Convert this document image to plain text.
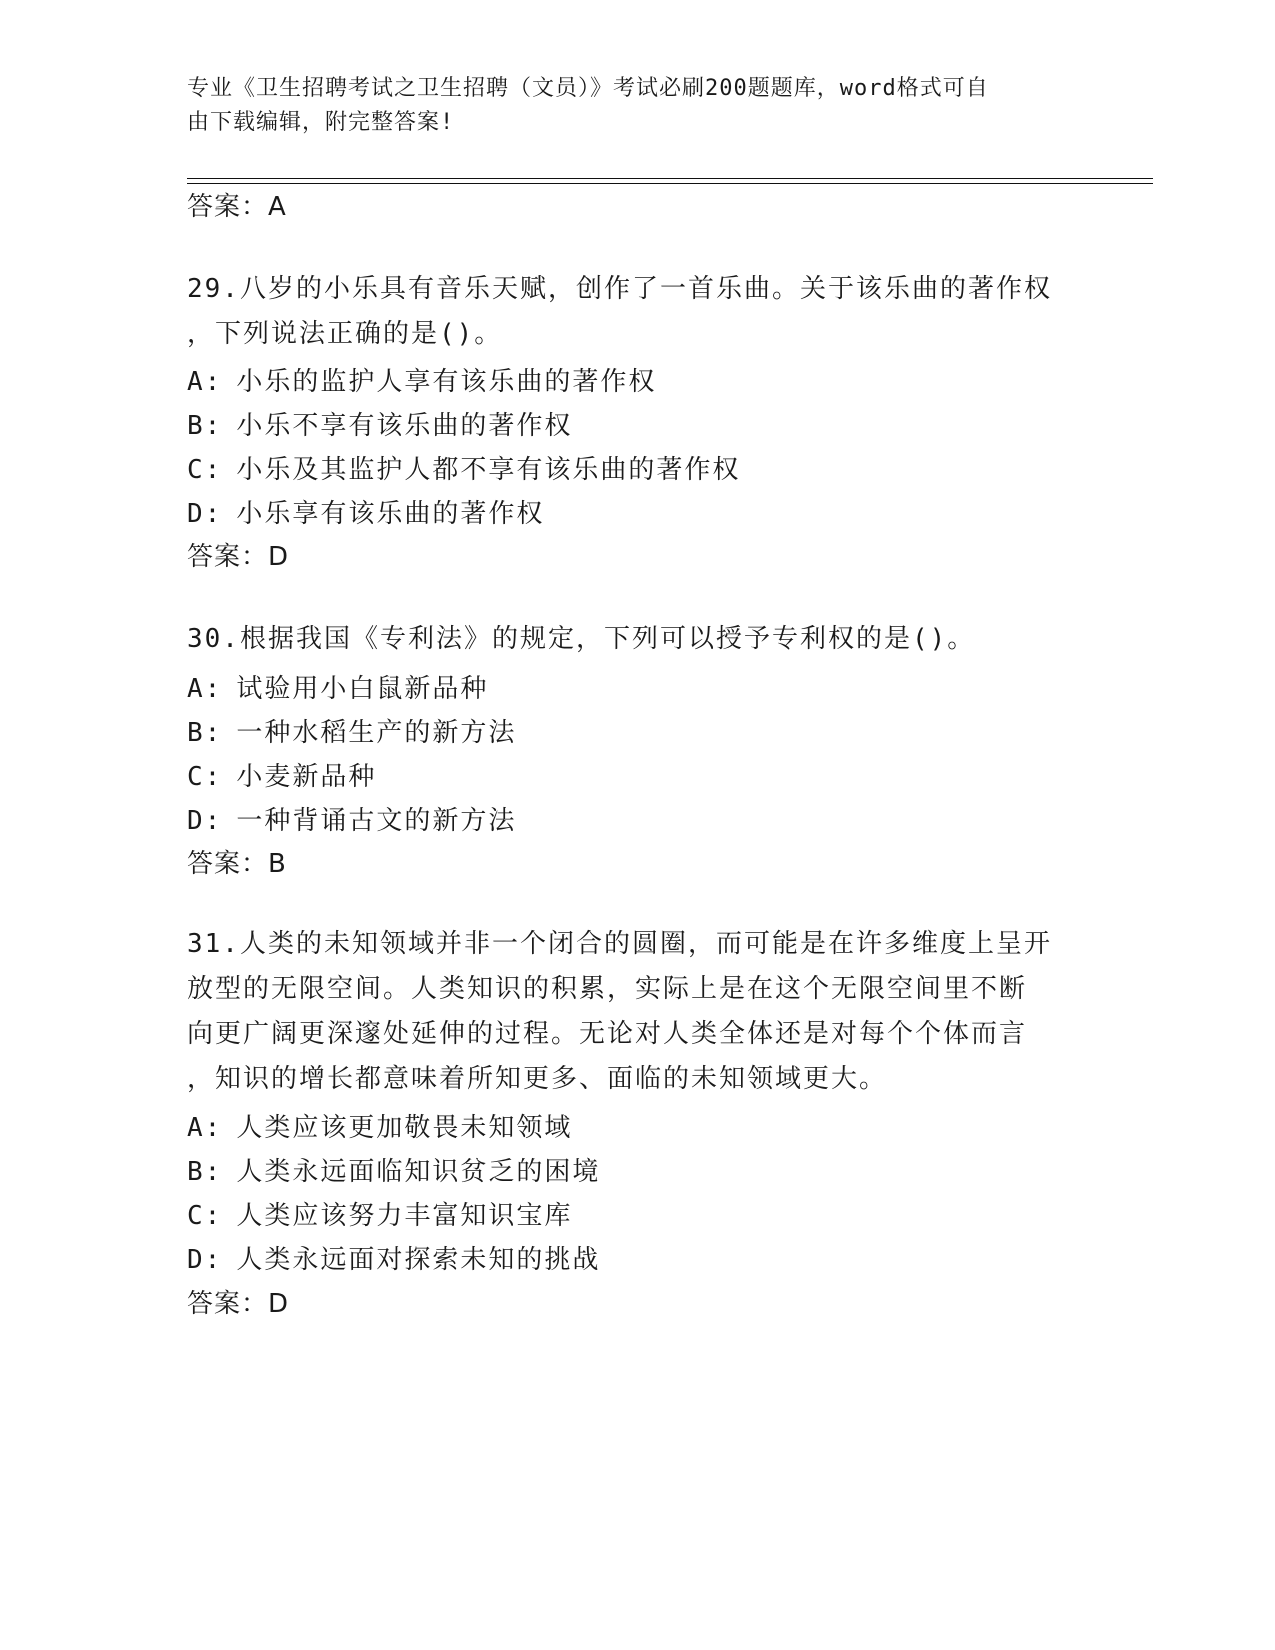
专业《卫生招聘考试之卫生招聘（文员）》考试必刷200题题库，word格式可自
由下载编辑，附完整答案!
答案：A
29.八岁的小乐具有音乐天赋，创作了一首乐曲。关于该乐曲的著作权
，下列说法正确的是()。
A: 小乐的监护人享有该乐曲的著作权
B: 小乐不享有该乐曲的著作权
C: 小乐及其监护人都不享有该乐曲的著作权
D: 小乐享有该乐曲的著作权
答案：D
30.根据我国《专利法》的规定，下列可以授予专利权的是()。
A: 试验用小白鼠新品种
B: 一种水稻生产的新方法
C: 小麦新品种
D: 一种背诵古文的新方法
答案：B
31.人类的未知领域并非一个闭合的圆圈，而可能是在许多维度上呈开
放型的无限空间。人类知识的积累，实际上是在这个无限空间里不断
向更广阔更深邃处延伸的过程。无论对人类全体还是对每个个体而言
，知识的增长都意味着所知更多、面临的未知领域更大。
A: 人类应该更加敬畏未知领域
B: 人类永远面临知识贫乏的困境
C: 人类应该努力丰富知识宝库
D: 人类永远面对探索未知的挑战
答案：D
